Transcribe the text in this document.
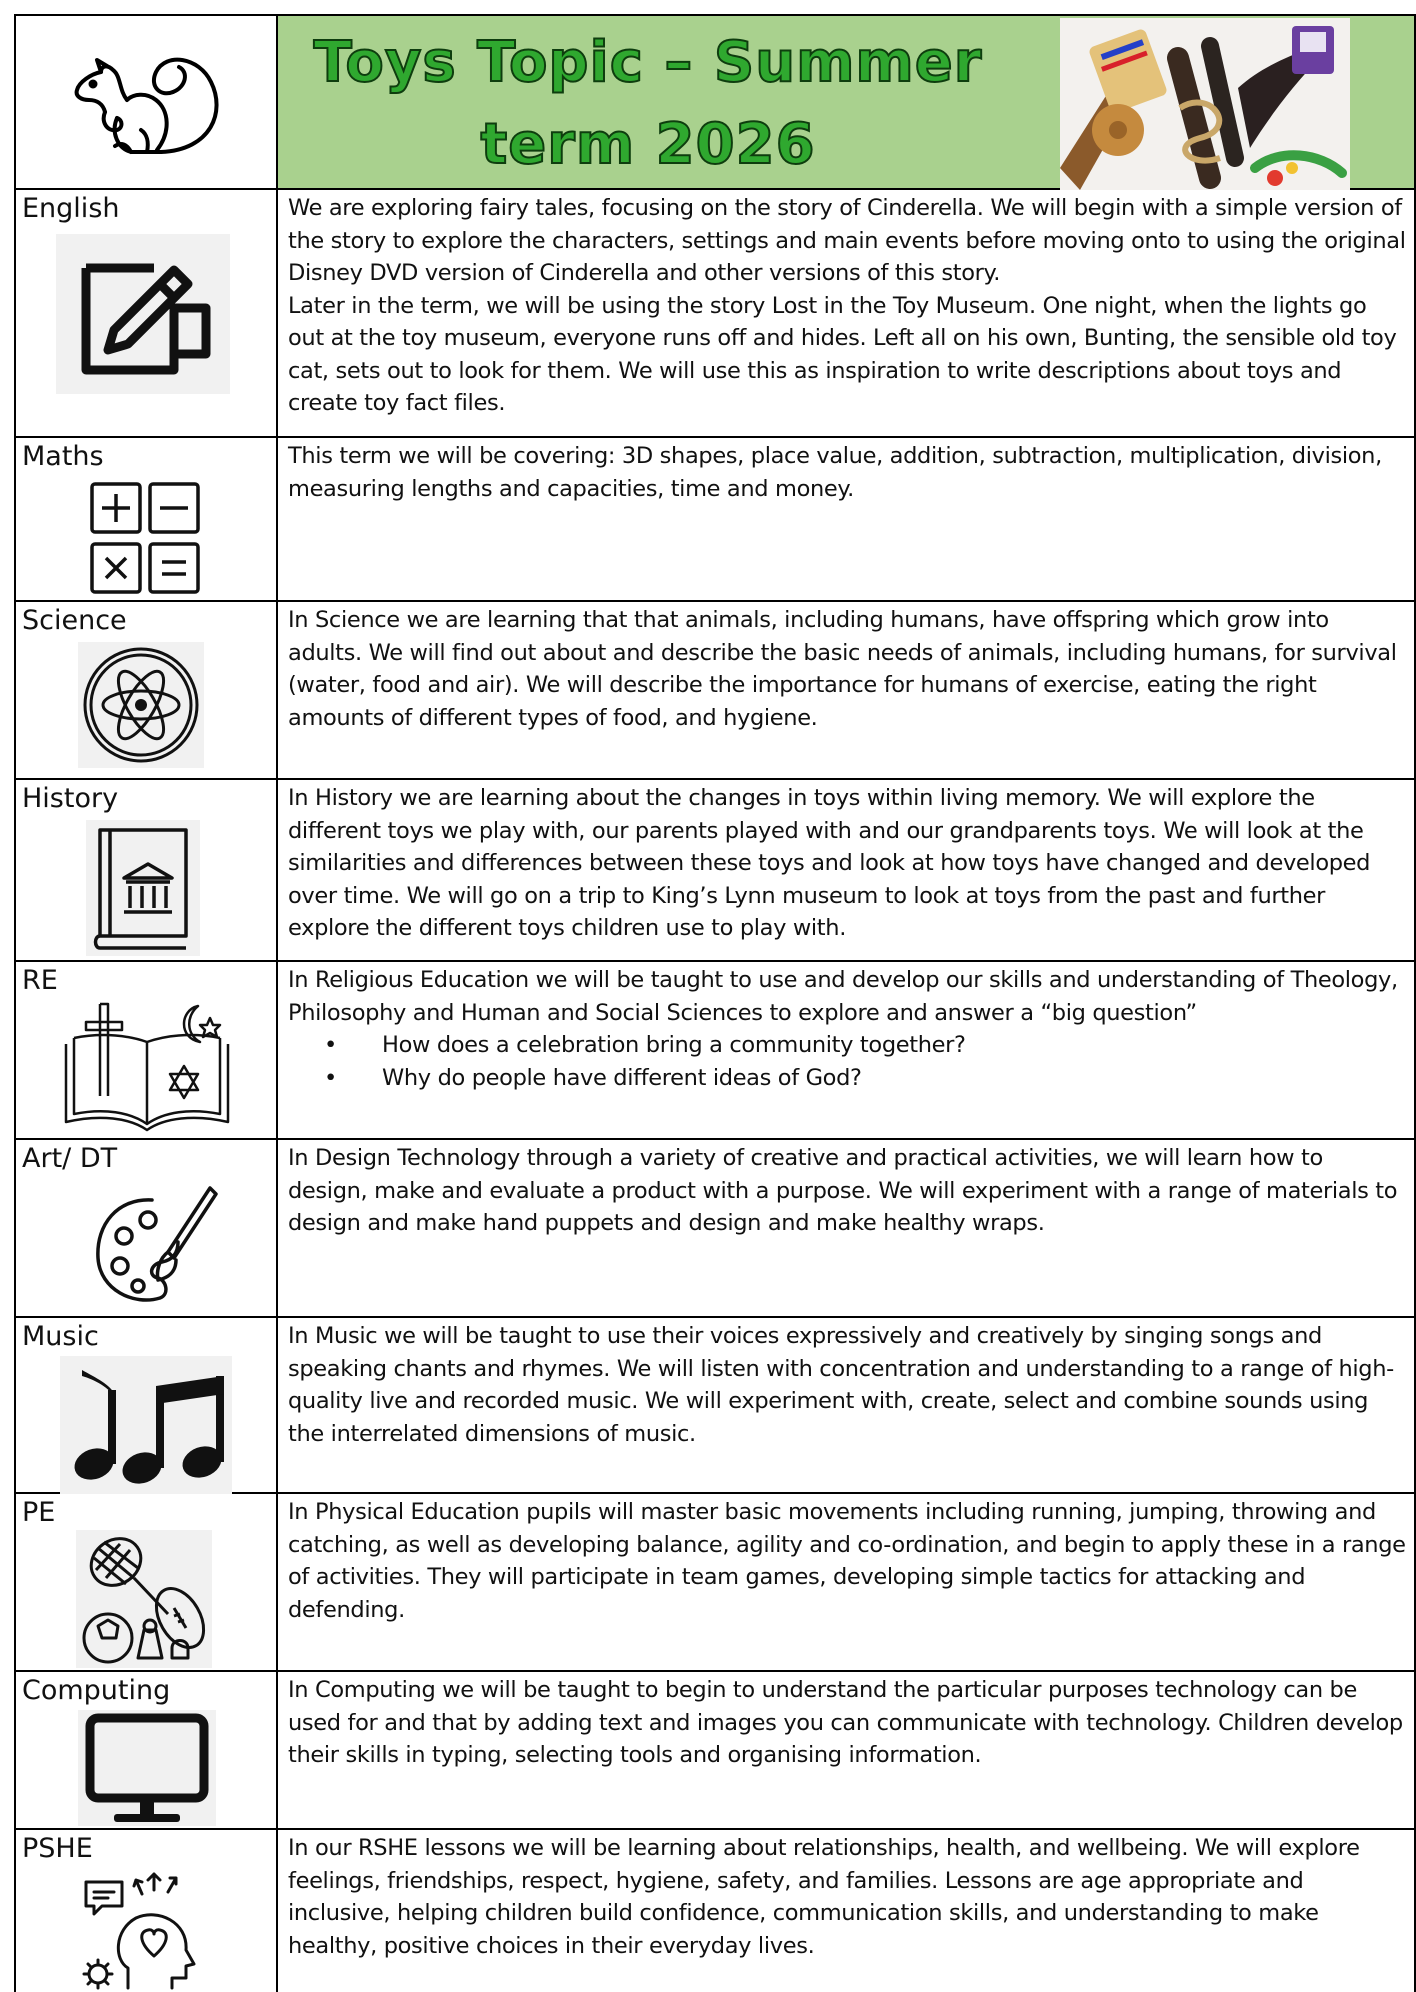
Toys Topic – Summer
term 2026
English	We are exploring fairy tales, focusing on the story of Cinderella. We will begin with a simple version of the story to explore the characters, settings and main events before moving onto to using the original Disney DVD version of Cinderella and other versions of this story.

Later in the term, we will be using the story Lost in the Toy Museum. One night, when the lights go out at the toy museum, everyone runs off and hides. Left all on his own, Bunting, the sensible old toy cat, sets out to look for them. We will use this as inspiration to write descriptions about toys and create toy fact files.

Maths	This term we will be covering: 3D shapes, place value, addition, subtraction, multiplication, division, measuring lengths and capacities, time and money.

Science	In Science we are learning that that animals, including humans, have offspring which grow into adults. We will find out about and describe the basic needs of animals, including humans, for survival (water, food and air). We will describe the importance for humans of exercise, eating the right amounts of different types of food, and hygiene.

History	In History we are learning about the changes in toys within living memory. We will explore the different toys we play with, our parents played with and our grandparents toys. We will look at the similarities and differences between these toys and look at how toys have changed and developed over time. We will go on a trip to King’s Lynn museum to look at toys from the past and further explore the different toys children use to play with.

RE	In Religious Education we will be taught to use and develop our skills and understanding of Theology, Philosophy and Human and Social Sciences to explore and answer a “big question”

• How does a celebration bring a community together?
• Why do people have different ideas of God?
Art/ DT	In Design Technology through a variety of creative and practical activities, we will learn how to design, make and evaluate a product with a purpose. We will experiment with a range of materials to design and make hand puppets and design and make healthy wraps.

Music	In Music we will be taught to use their voices expressively and creatively by singing songs and speaking chants and rhymes. We will listen with concentration and understanding to a range of high-quality live and recorded music. We will experiment with, create, select and combine sounds using the interrelated dimensions of music.

PE	In Physical Education pupils will master basic movements including running, jumping, throwing and catching, as well as developing balance, agility and co-ordination, and begin to apply these in a range of activities. They will participate in team games, developing simple tactics for attacking and defending.

Computing	In Computing we will be taught to begin to understand the particular purposes technology can be used for and that by adding text and images you can communicate with technology. Children develop their skills in typing, selecting tools and organising information.

PSHE	In our RSHE lessons we will be learning about relationships, health, and wellbeing. We will explore feelings, friendships, respect, hygiene, safety, and families. Lessons are age appropriate and inclusive, helping children build confidence, communication skills, and understanding to make healthy, positive choices in their everyday lives.
